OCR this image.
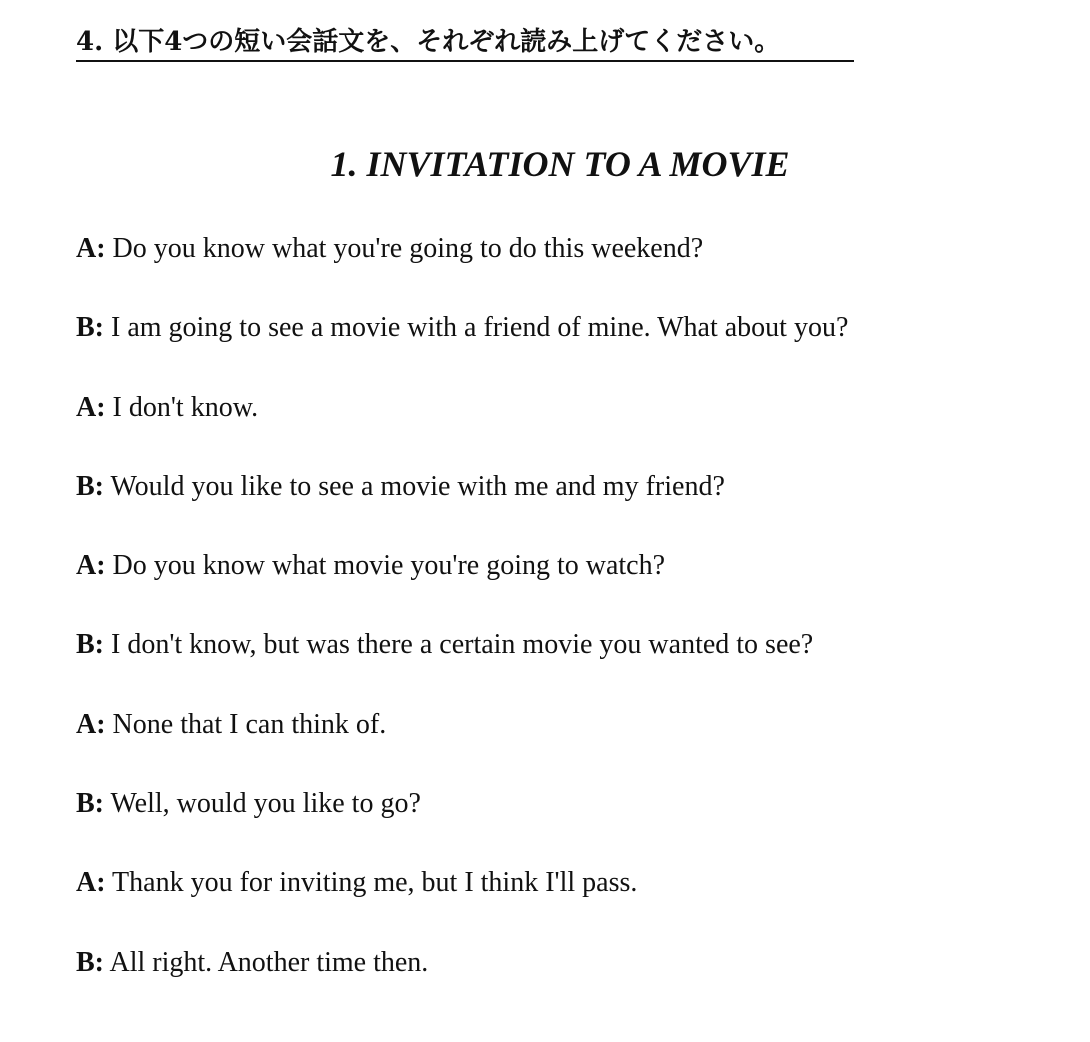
4. 以下4つの短い会話文を、それぞれ読み上げてください。
1. INVITATION TO A MOVIE
A: Do you know what you're going to do this weekend?
B: I am going to see a movie with a friend of mine. What about you?
A: I don't know.
B: Would you like to see a movie with me and my friend?
A: Do you know what movie you're going to watch?
B: I don't know, but was there a certain movie you wanted to see?
A: None that I can think of.
B: Well, would you like to go?
A: Thank you for inviting me, but I think I'll pass.
B: All right. Another time then.
